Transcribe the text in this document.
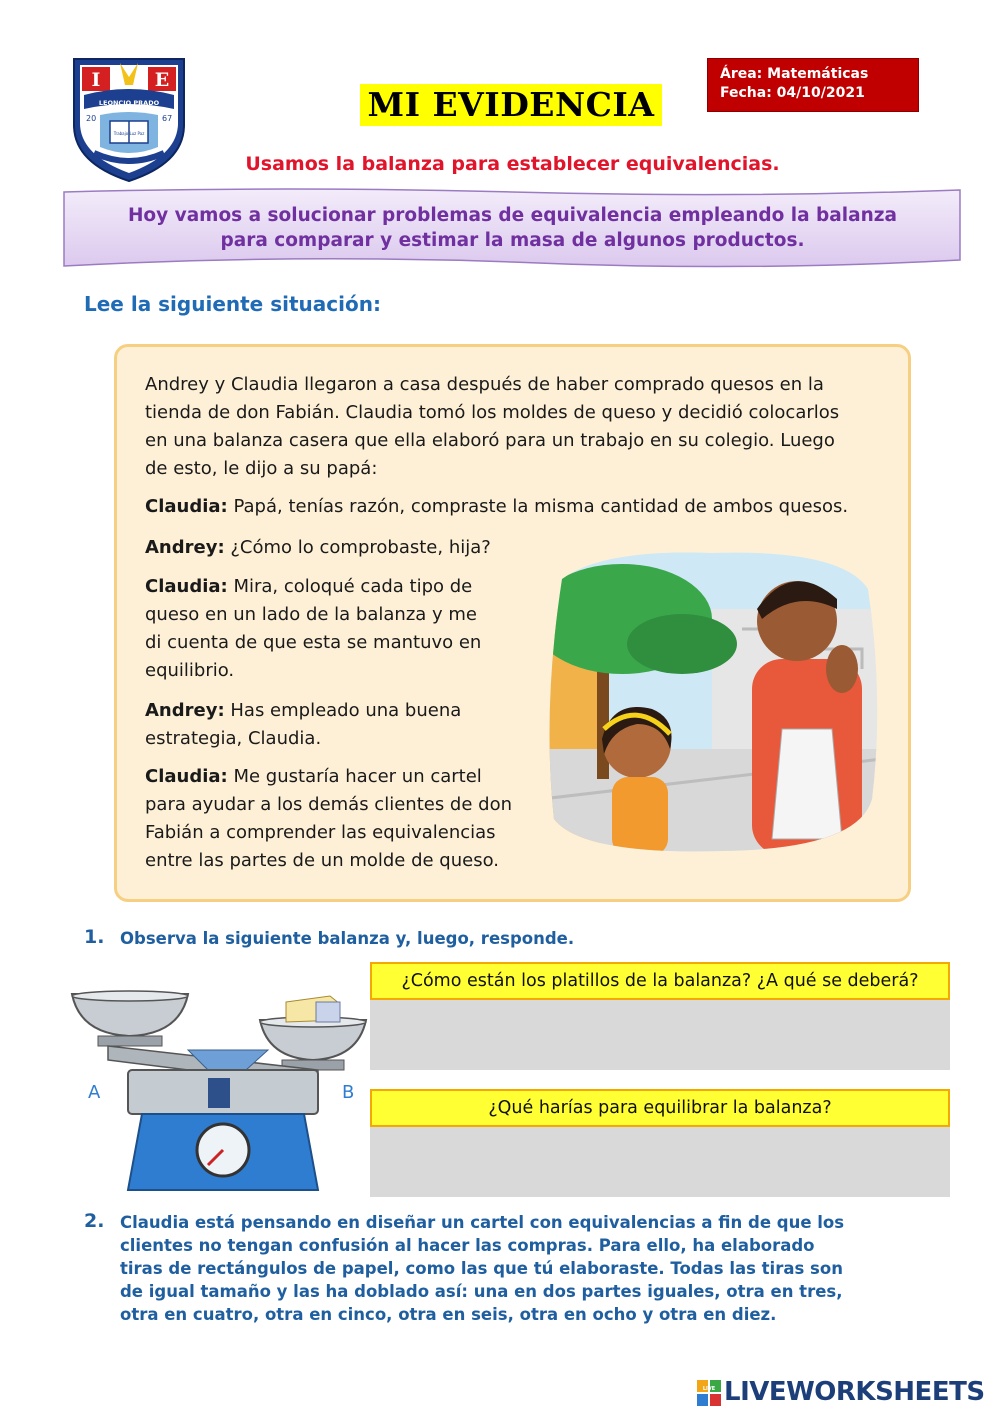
I	E
LEONCIO PRADO
20	67
Trabajo Luz Paz
MI EVIDENCIA
Área: Matemáticas
Fecha: 04/10/2021
Usamos la balanza para establecer equivalencias.
Hoy vamos a solucionar problemas de equivalencia empleando la balanza
para comparar y estimar la masa de algunos productos.
Lee la siguiente situación:
Andrey y Claudia llegaron a casa después de haber comprado quesos en la
tienda de don Fabián. Claudia tomó los moldes de queso y decidió colocarlos
en una balanza casera que ella elaboró para un trabajo en su colegio. Luego
de esto, le dijo a su papá:
Claudia: Papá, tenías razón, compraste la misma cantidad de ambos quesos.
Andrey: ¿Cómo lo comprobaste, hija?
Claudia: Mira, coloqué cada tipo de
queso en un lado de la balanza y me
di cuenta de que esta se mantuvo en
equilibrio.
Andrey: Has empleado una buena
estrategia, Claudia.
Claudia: Me gustaría hacer un cartel
para ayudar a los demás clientes de don
Fabián a comprender las equivalencias
entre las partes de un molde de queso.
1. Observa la siguiente balanza y, luego, responde.
A	B
¿Cómo están los platillos de la balanza? ¿A qué se deberá?
¿Qué harías para equilibrar la balanza?
2. Claudia está pensando en diseñar un cartel con equivalencias a fin de que los
clientes no tengan confusión al hacer las compras. Para ello, ha elaborado
tiras de rectángulos de papel, como las que tú elaboraste. Todas las tiras son
de igual tamaño y las ha doblado así: una en dos partes iguales, otra en tres,
otra en cuatro, otra en cinco, otra en seis, otra en ocho y otra en diez.
LIVE LIVEWORKSHEETS
